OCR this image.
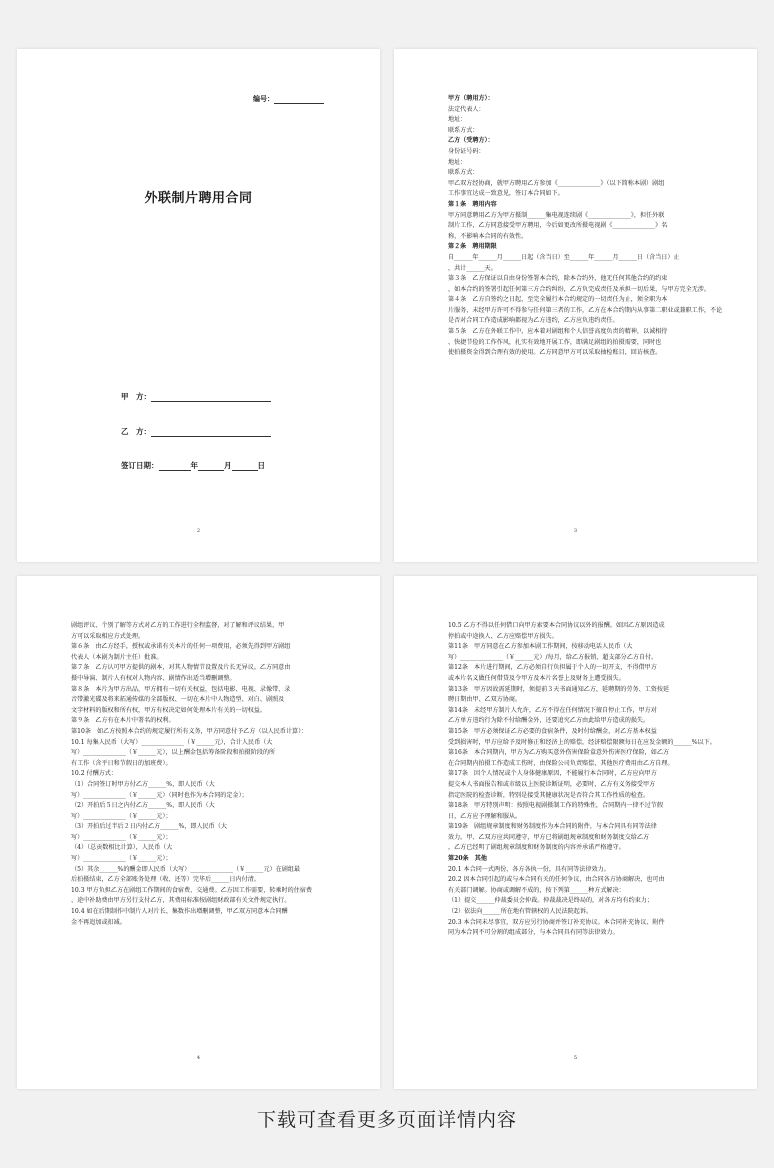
编号：
外联制片聘用合同
甲　方：
乙　方：
签订日期：	年	月	日
2
甲方（聘用方）：
法定代表人：
地址：
联系方式：
乙方（受聘方）：
身份证号码：
地址：
联系方式：
甲乙双方经协商，就甲方聘用乙方参加《______________》（以下简称本剧）剧组
工作事宜达成一致意见，签订本合同如下。
第１条　聘用内容
甲方同意聘用乙方为甲方摄制______集电视连续剧《______________》，担任外联
制片工作，乙方同意接受甲方聘用，今后如更改所摄电视剧《______________》名
称，不影响本合同的有效性。
第２条　聘用期限
自______年______月______日起（含当日）至______年______月______日（含当日）止
，共计______天。
第３条　乙方保证以自由身份签署本合约，除本合约外，他无任何其他合约的约束
，如本合约的签署引起任何第三方合约纠纷，乙方负完成责任及承担一切后果，与甲方完全无涉。
第４条　乙方自签约之日起，至完全履行本合约规定的一切责任为止，须全职为本
片服务，未经甲方许可不得参与任何第三者的工作，乙方在本合约期内从事第二职业或兼职工作，不论
是否对合同工作造成影响都视为乙方违约，乙方应负违约责任。
第５条　乙方在外联工作中，应本着对剧组和个人信誉高度负责的精神，以诚相待
、快捷节俭的工作作风，扎实有效地开展工作，即满足剧组的拍摄需要，同时也
使拍摄资金得到合理有效的使用。乙方同意甲方可以采取抽检账目，回访核查。
3
剧组评议、个别了解等方式对乙方的工作进行全程监督，对了解和评议结果，甲
方可以采取相应方式处理。
第６条　由乙方经手，授权或承诺有关本片的任何一项费用，必须先得到甲方剧组
代表人（本剧为制片主任）批准。
第７条　乙方认可甲方提供的剧本，对其人物情节设置及片长无异议。乙方同意由
摄中导演、制片人有权对人物内容、剧情作出适当增删调整。
第８条　本片为甲方出品，甲方拥有一切有关权益，包括电影、电视、录像带、录
音带激光碟及将来拓通传媒的全部版权、一切在本片中人物造型、对白、剧照及
文字材料的版权和所有权，甲方有权决定如何处理本片有关的一切权益。
第９条　乙方有在本片中署名的权利。
第10条　如乙方按照本合约的规定履行所有义务，甲方同意付予乙方（以人民币计算）：
10.1 每集人民币（大写）______________（￥______元），合计人民币（大
写）______________（￥______元），以上酬金包括筹备阶段和拍摄阶段的所
有工作（含平日和节假日的加班费）。
10.2 付酬方式：
（1）合同签订时甲方付乙方______%，即人民币（大
写）______________（￥______元）（同时也作为本合同的定金）；
（2）开拍后５日之内付乙方______%，即人民币（大
写）______________（￥______元）；
（3）开拍后过半后２日内付乙方______%，即人民币（大
写）______________（￥______元）；
（4）（总贡数相比计算），人民币（大
写）______________（￥______元）；
（5）其余______%的酬金即人民币（大写）______________（￥______元）在剧组最
后拍摄结束，乙方全部账务处理（收、还等）完毕后______日内付清。
10.3 甲方负担乙方在剧组工作期间的食宿费、交通费。乙方因工作需要，转乘时的住宿费
、途中补助费由甲方另行支付乙方，其费用标准按剧组财政部有关文件规定执行。
10.4 如在后期制作中制片人对片长、集数作出增删调整，甲乙双方同意本合同酬
金不再追加或扣减。
4
10.5 乙方不得以任何借口向甲方索要本合同协议以外的报酬。如因乙方原因造成
停拍或中途换人、乙方应赔偿甲方损失。
第11条　甲方同意在乙方参加本剧工作期间，按移动电话人民币（大
写）______________（￥______元）/每月，给乙方报销，超支部分乙方自付。
第12条　本片进行期间，乙方必须自行负担属于个人的一切开支，不得借甲方
或本片名义做任何借贷及令甲方及本片名誉上及财务上遭受损失。
第13条　甲方因故需延期时，须提前３天书面通知乙方，延聘期的劳务、工资按延
聘日期由甲、乙双方协商。
第14条　未经甲方制片人允许，乙方不得在任何情况下擅自停止工作，甲方对
乙方单方违约行为除不付给酬金外，还要追究乙方由此给甲方造成的损失。
第15条　甲方必须保证乙方必要的食宿条件，及时付给酬金，对乙方基本权益
受到损害时，甲方应给予及时修正和经济上的赔偿，经济赔偿限额每日在应发金额的______%以下。
第16条　本合同期内，甲方为乙方购买意外伤害保险盒意外伤害医疗保险，如乙方
在合同期内拍摄工作造成工伤时，由保险公司负责赔偿，其他医疗费用由乙方自理。
第17条　因个人情况或个人身体健康原因，不能履行本合同时，乙方应向甲方
提交本人书面报告和或市级以上医院诊断证明，必要时，乙方有义务接受甲方
指定医院的检查诊断，特别是接受其健康状况是否符合其工作性质的检查。
第18条　甲方特别声明：按照电视剧摄制工作的特殊性，合同期内一律不过节假
日，乙方应予理解和服从。
第19条　剧组规章制度和财务制度作为本合同的附件，与本合同具有同等法律
效力。甲、乙双方应共同遵守，甲方已将剧组规章制度和财务制度交给乙方
，乙方已经明了剧组规章制度和财务制度的内容并承诺严格遵守。
第20条　其他
20.1 本合同一式两份，各方各执一份，具有同等法律效力。
20.2 因本合同引起的或与本合同有关的任何争议，由合同各方协商解决，也可由
有关部门调解。协商或调解不成的，按下列第______种方式解决：
（1）提交______仲裁委员会仲裁。仲裁裁决是终局的，对各方均有约束力；
（2）依法向______所在地有管辖权的人民法院起诉。
20.3 本合同未尽事宜，双方应另行协商并签订补充协议。本合同补充协议、附件
同为本合同不可分割的组成部分，与本合同具有同等法律效力。
5
下载可查看更多页面详情内容
